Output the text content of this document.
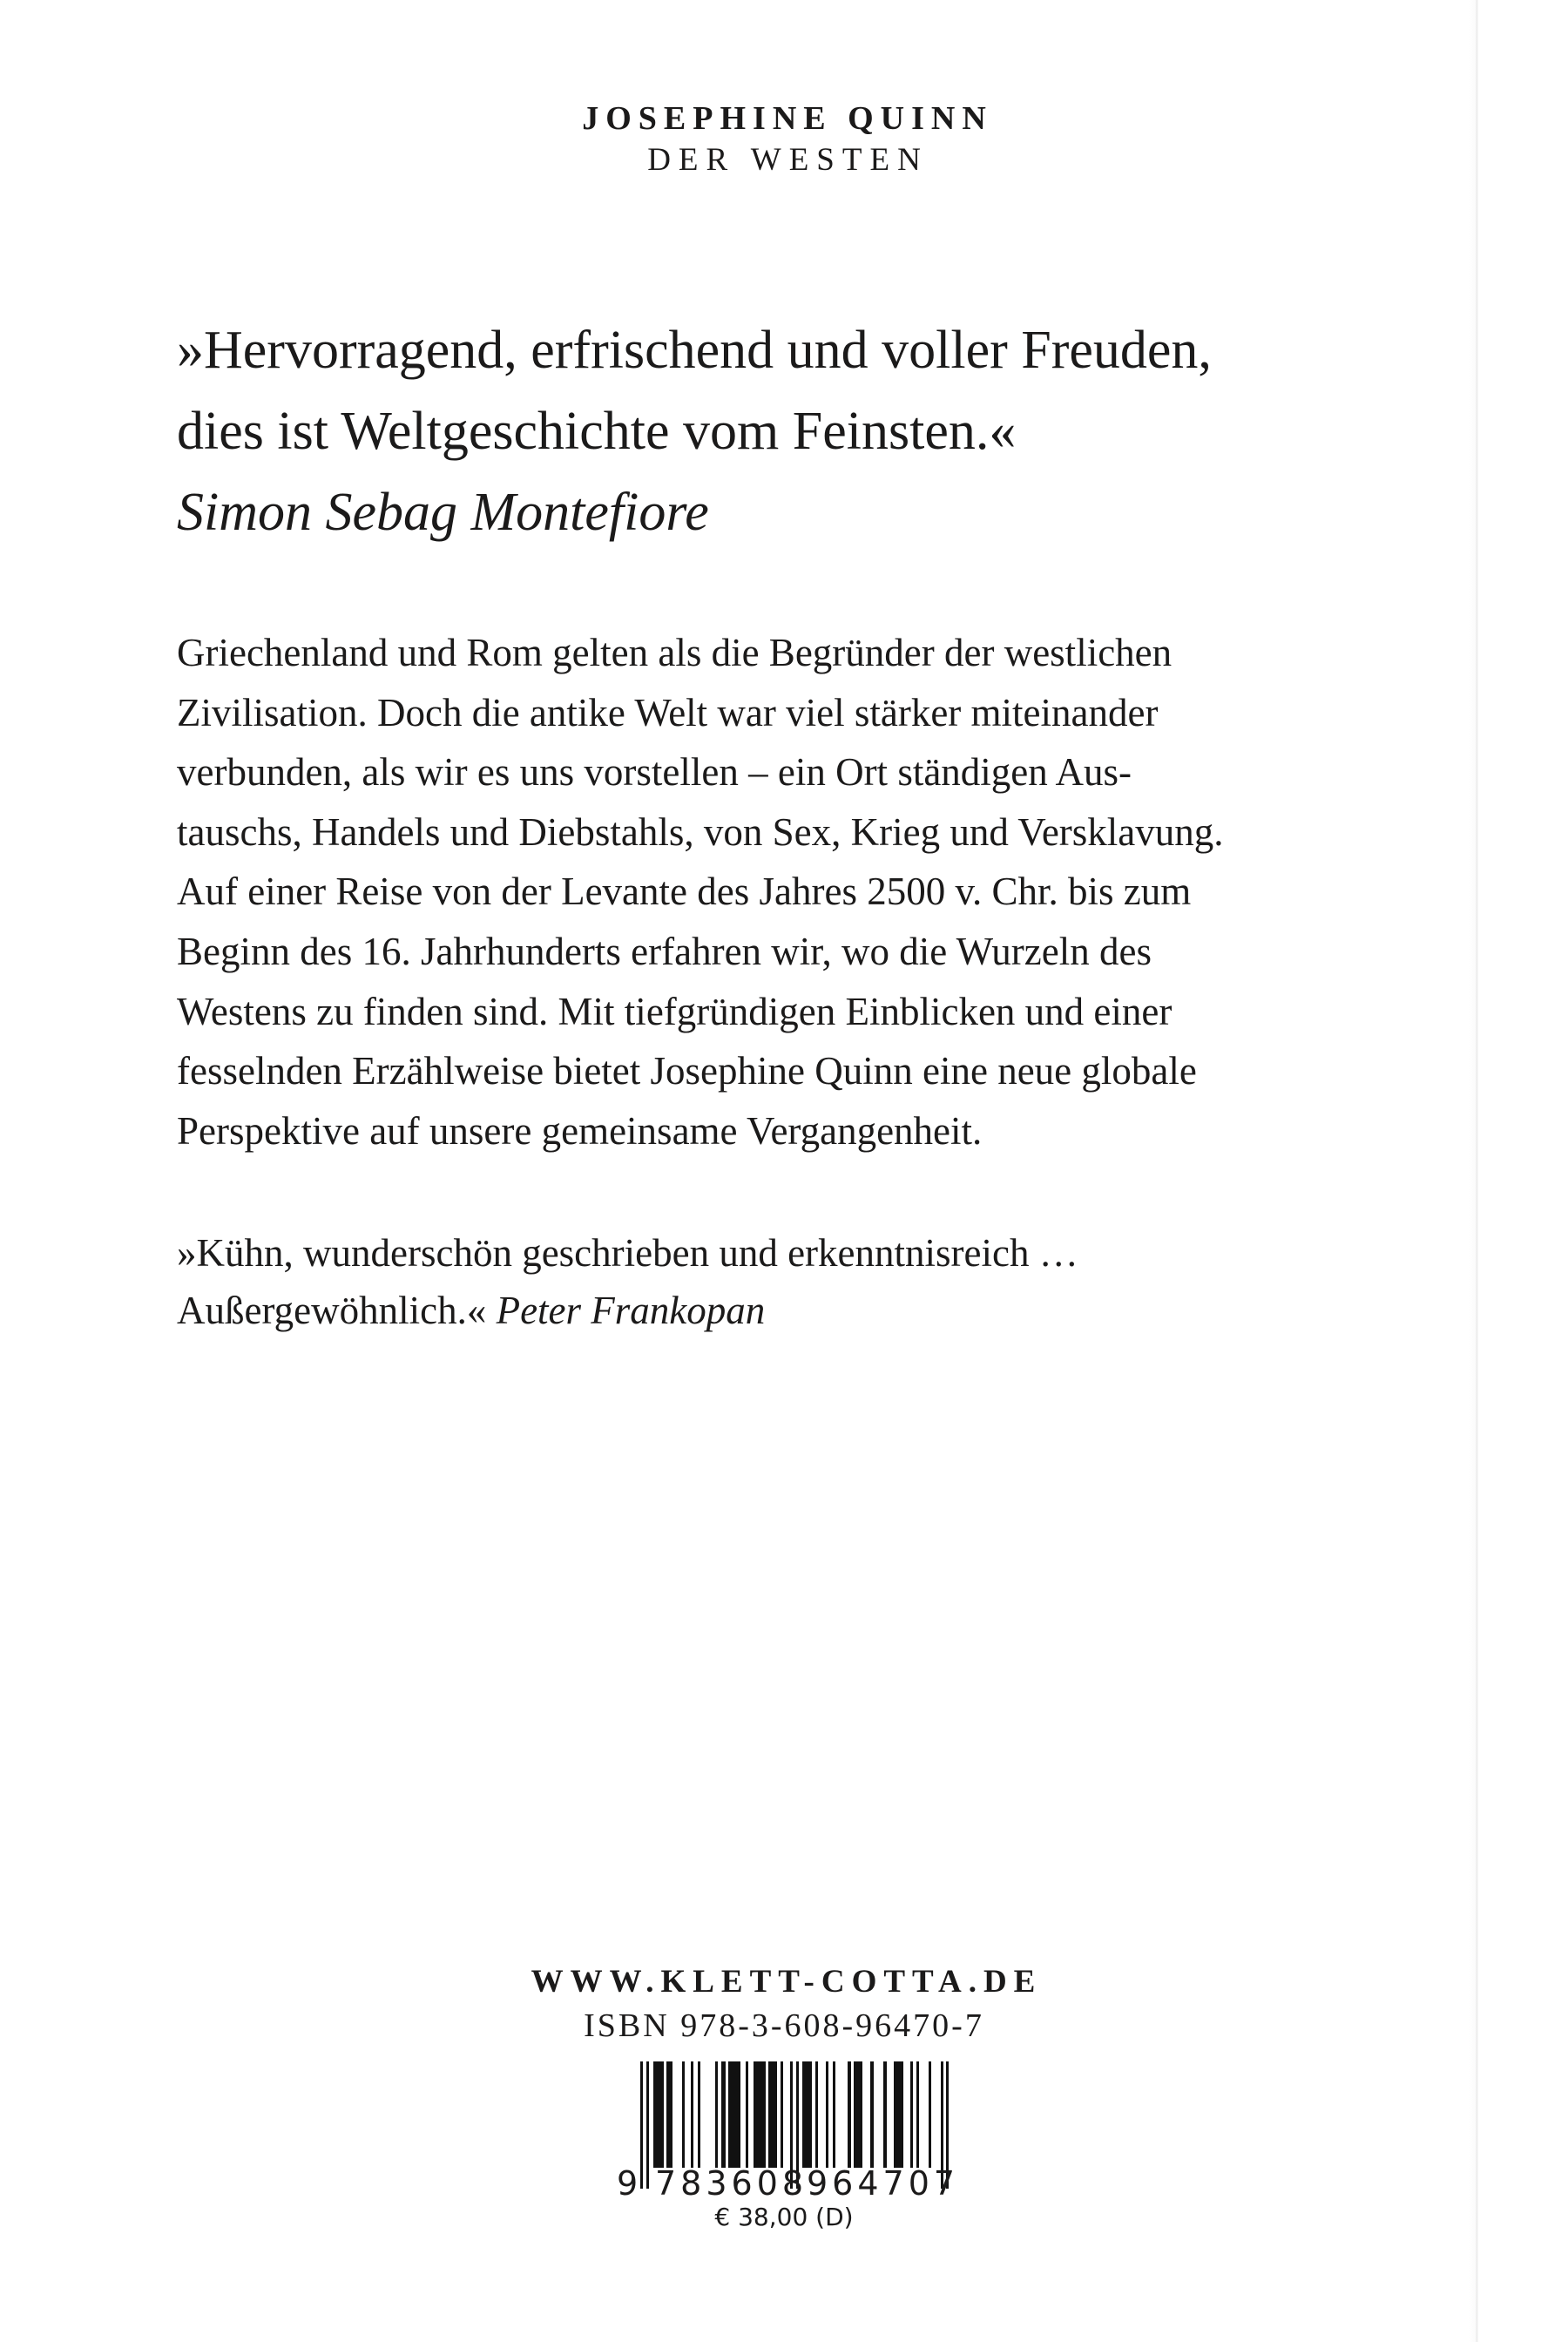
JOSEPHINE QUINN
DER WESTEN
»Hervorragend, erfrischend und voller Freuden,
dies ist Weltgeschichte vom Feinsten.«
Simon Sebag Montefiore
Griechenland und Rom gelten als die Begründer der westlichen
Zivilisation. Doch die antike Welt war viel stärker miteinander
verbunden, als wir es uns vorstellen – ein Ort ständigen Aus-
tauschs, Handels und Diebstahls, von Sex, Krieg und Versklavung.
Auf einer Reise von der Levante des Jahres 2500 v. Chr. bis zum
Beginn des 16. Jahrhunderts erfahren wir, wo die Wurzeln des
Westens zu finden sind. Mit tiefgründigen Einblicken und einer
fesselnden Erzählweise bietet Josephine Quinn eine neue globale
Perspektive auf unsere gemeinsame Vergangenheit.
»Kühn, wunderschön geschrieben und erkenntnisreich …
Außergewöhnlich.« Peter Frankopan
WWW.KLETT-COTTA.DE
ISBN 978-3-608-96470-7
9 783608
964707
€ 38,00 (D)
